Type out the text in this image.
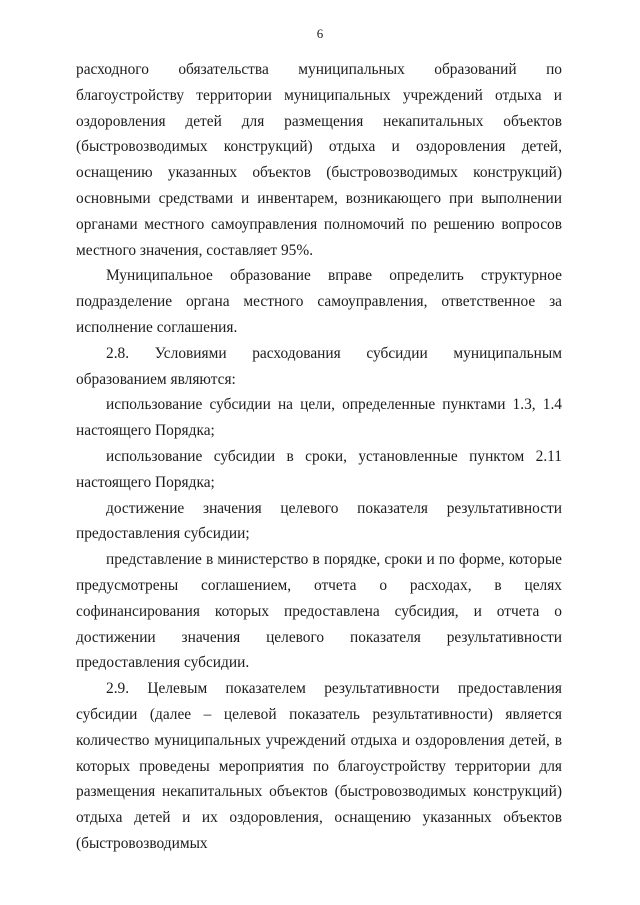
6

расходного обязательства муниципальных образований по благоустройству территории муниципальных учреждений отдыха и оздоровления детей для размещения некапитальных объектов (быстровозводимых конструкций) отдыха и оздоровления детей, оснащению указанных объектов (быстровозводимых конструкций) основными средствами и инвентарем, возникающего при выполнении органами местного самоуправления полномочий по решению вопросов местного значения, составляет 95%.

Муниципальное образование вправе определить структурное подразделение органа местного самоуправления, ответственное за исполнение соглашения.

2.8. Условиями расходования субсидии муниципальным образованием являются:

использование субсидии на цели, определенные пунктами 1.3, 1.4 настоящего Порядка;

использование субсидии в сроки, установленные пунктом 2.11 настоящего Порядка;

достижение значения целевого показателя результативности предоставления субсидии;

представление в министерство в порядке, сроки и по форме, которые предусмотрены соглашением, отчета о расходах, в целях софинансирования которых предоставлена субсидия, и отчета о достижении значения целевого показателя результативности предоставления субсидии.

2.9. Целевым показателем результативности предоставления субсидии (далее – целевой показатель результативности) является количество муниципальных учреждений отдыха и оздоровления детей, в которых проведены мероприятия по благоустройству территории для размещения некапитальных объектов (быстровозводимых конструкций) отдыха детей и их оздоровления, оснащению указанных объектов (быстровозводимых
